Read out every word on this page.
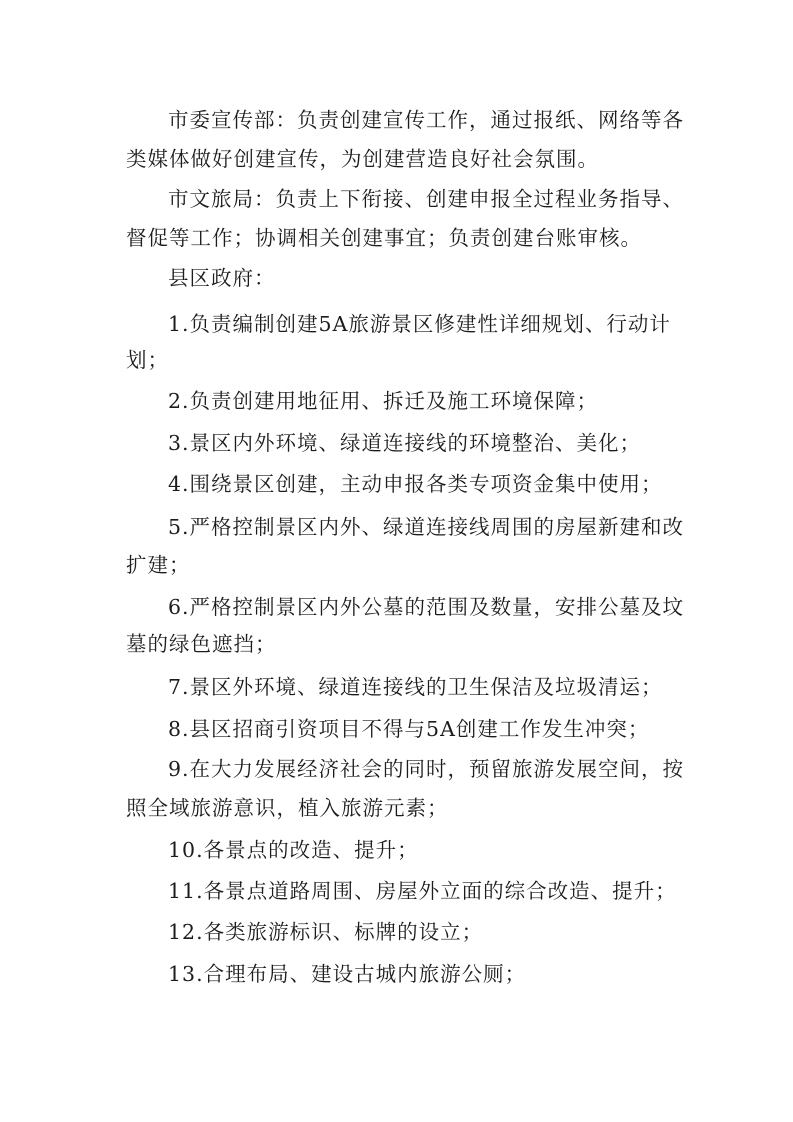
市委宣传部：负责创建宣传工作，通过报纸、网络等各
类媒体做好创建宣传，为创建营造良好社会氛围。
市文旅局：负责上下衔接、创建申报全过程业务指导、
督促等工作；协调相关创建事宜；负责创建台账审核。
县区政府：
1.负责编制创建5A旅游景区修建性详细规划、行动计
划；
2.负责创建用地征用、拆迁及施工环境保障；
3.景区内外环境、绿道连接线的环境整治、美化；
4.围绕景区创建，主动申报各类专项资金集中使用；
5.严格控制景区内外、绿道连接线周围的房屋新建和改
扩建；
6.严格控制景区内外公墓的范围及数量，安排公墓及坟
墓的绿色遮挡；
7.景区外环境、绿道连接线的卫生保洁及垃圾清运；
8.县区招商引资项目不得与5A创建工作发生冲突；
9.在大力发展经济社会的同时，预留旅游发展空间，按
照全域旅游意识，植入旅游元素；
10.各景点的改造、提升；
11.各景点道路周围、房屋外立面的综合改造、提升；
12.各类旅游标识、标牌的设立；
13.合理布局、建设古城内旅游公厕；
